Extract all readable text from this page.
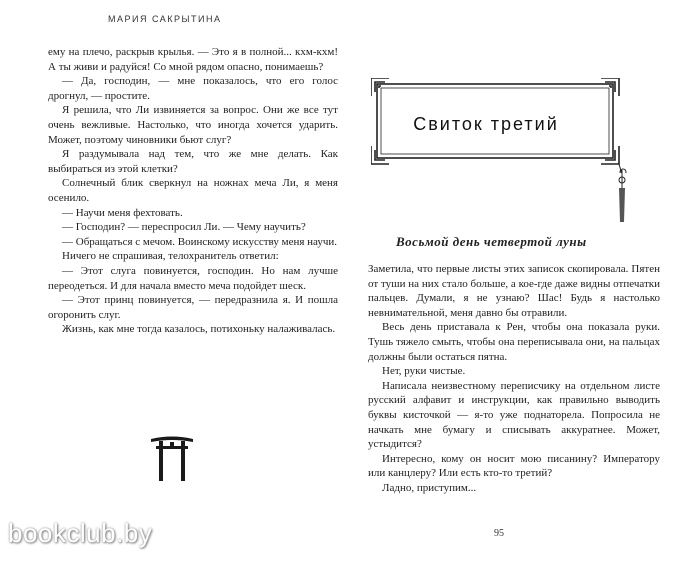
МАРИЯ САКРЫТИНА

ему на плечо, раскрыв крылья. — Это я в полной... кхм-кхм! А ты живи и радуйся! Со мной рядом опасно, понимаешь?

— Да, господин, — мне показалось, что его голос дрогнул, — простите.

Я решила, что Ли извиняется за вопрос. Они же все тут очень вежливые. Настолько, что иногда хочется ударить. Может, поэтому чиновники бьют слуг?

Я раздумывала над тем, что же мне делать. Как выбираться из этой клетки?

Солнечный блик сверкнул на ножнах меча Ли, я меня осенило.

— Научи меня фехтовать.

— Господин? — переспросил Ли. — Чему научить?

— Обращаться с мечом. Воинскому искусству меня научи.

Ничего не спрашивая, телохранитель ответил:

— Этот слуга повинуется, господин. Но нам лучше переодеться. И для начала вместо меча подойдет шеск.

— Этот принц повинуется, — передразнила я. И пошла огоронить слуг.

Жизнь, как мне тогда казалось, потихоньку налаживалась.

Свиток третий
Восьмой день четвертой луны

Заметила, что первые листы этих записок скопировала. Пятен от туши на них стало больше, а кое-где даже видны отпечатки пальцев. Думали, я не узнаю? Шас! Будь я настолько невнимательной, меня давно бы отравили.

Весь день приставала к Рен, чтобы она показала руки. Тушь тяжело смыть, чтобы она переписывала они, на пальцах должны были остаться пятна.

Нет, руки чистые.

Написала неизвестному переписчику на отдельном листе русский алфавит и инструкции, как правильно выводить буквы кисточкой — я-то уже поднаторела. Попросила не начкать мне бумагу и списывать аккуратнее. Может, устыдится?

Интересно, кому он носит мою писанину? Императору или канцлеру? Или есть кто-то третий?

Ладно, приступим...

95
bookclub.by
